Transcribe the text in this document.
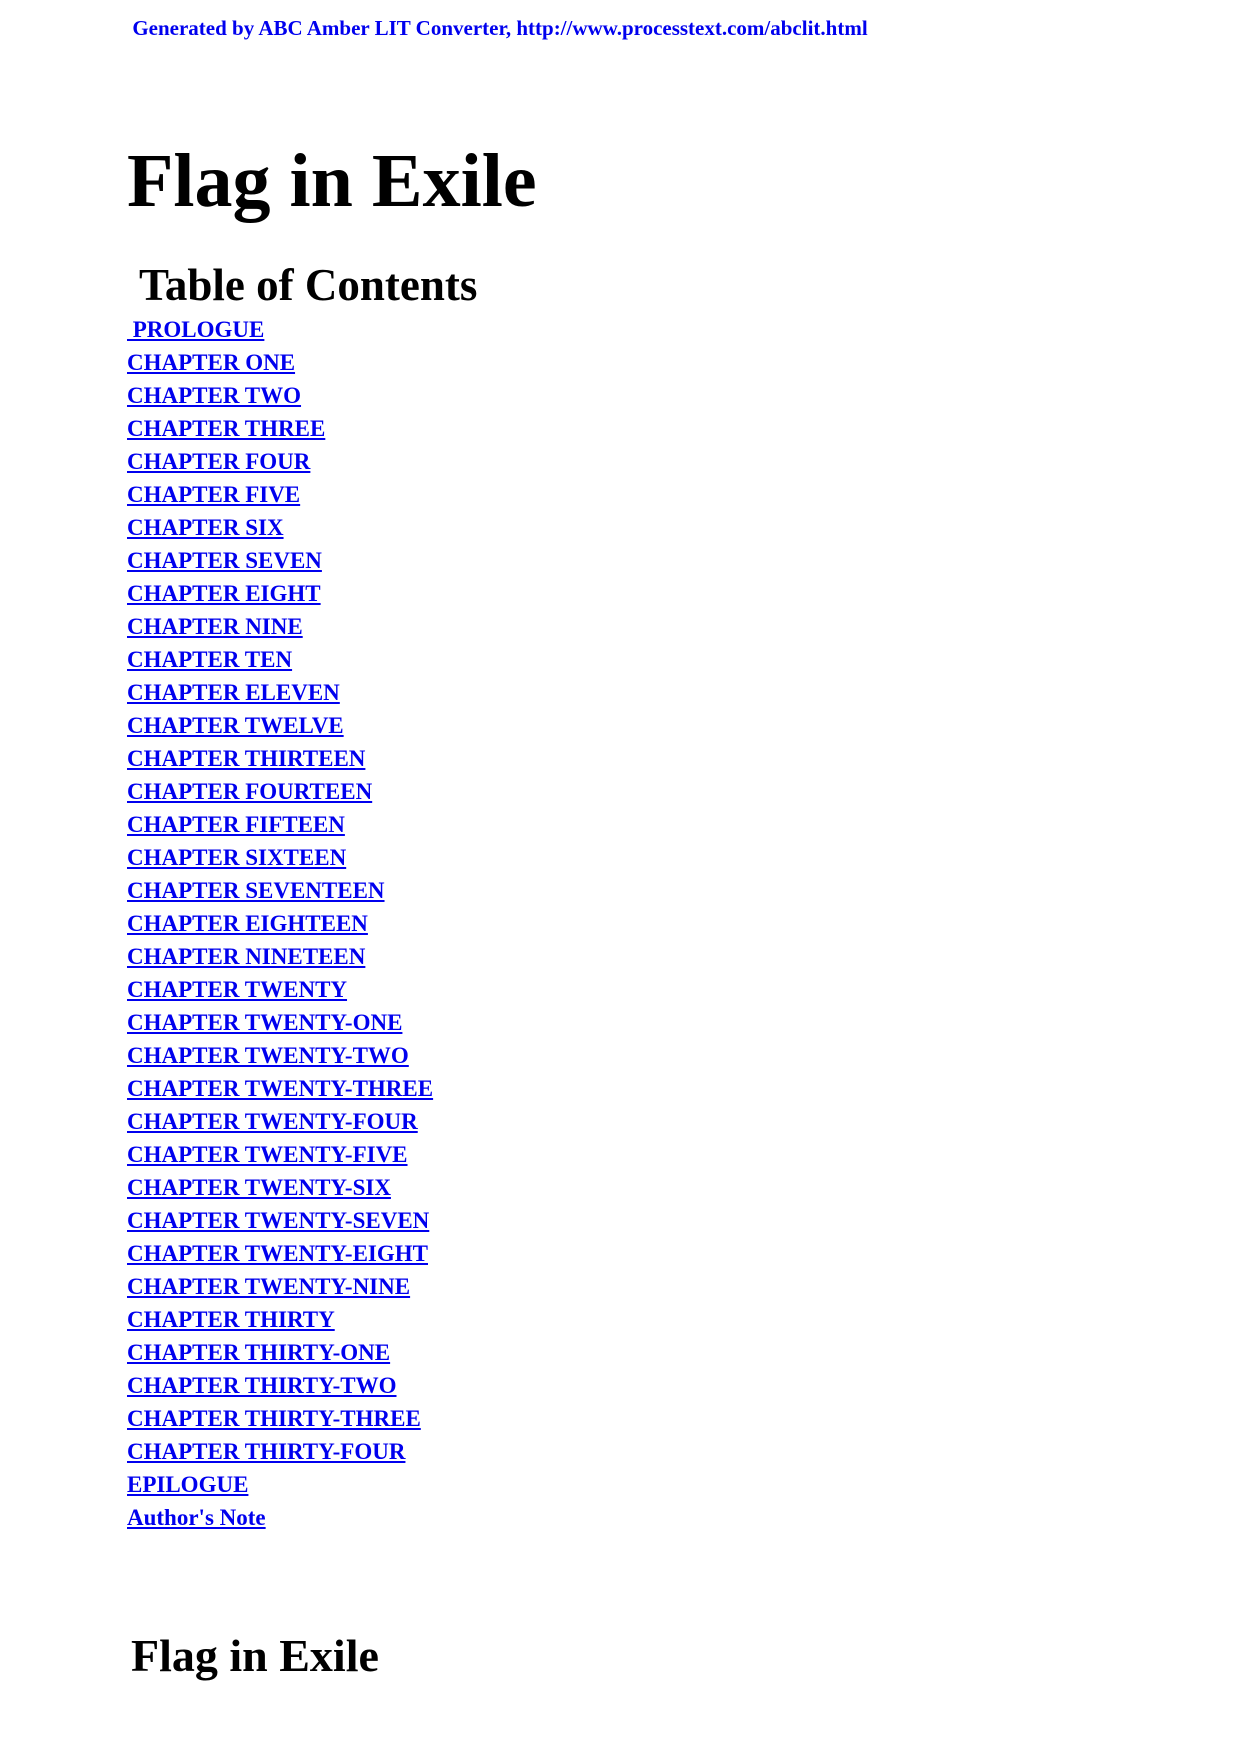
Generated by ABC Amber LIT Converter, http://www.processtext.com/abclit.html
Flag in Exile
Table of Contents
PROLOGUE
CHAPTER ONE
CHAPTER TWO
CHAPTER THREE
CHAPTER FOUR
CHAPTER FIVE
CHAPTER SIX
CHAPTER SEVEN
CHAPTER EIGHT
CHAPTER NINE
CHAPTER TEN
CHAPTER ELEVEN
CHAPTER TWELVE
CHAPTER THIRTEEN
CHAPTER FOURTEEN
CHAPTER FIFTEEN
CHAPTER SIXTEEN
CHAPTER SEVENTEEN
CHAPTER EIGHTEEN
CHAPTER NINETEEN
CHAPTER TWENTY
CHAPTER TWENTY-ONE
CHAPTER TWENTY-TWO
CHAPTER TWENTY-THREE
CHAPTER TWENTY-FOUR
CHAPTER TWENTY-FIVE
CHAPTER TWENTY-SIX
CHAPTER TWENTY-SEVEN
CHAPTER TWENTY-EIGHT
CHAPTER TWENTY-NINE
CHAPTER THIRTY
CHAPTER THIRTY-ONE
CHAPTER THIRTY-TWO
CHAPTER THIRTY-THREE
CHAPTER THIRTY-FOUR
EPILOGUE
Author's Note
Flag in Exile
